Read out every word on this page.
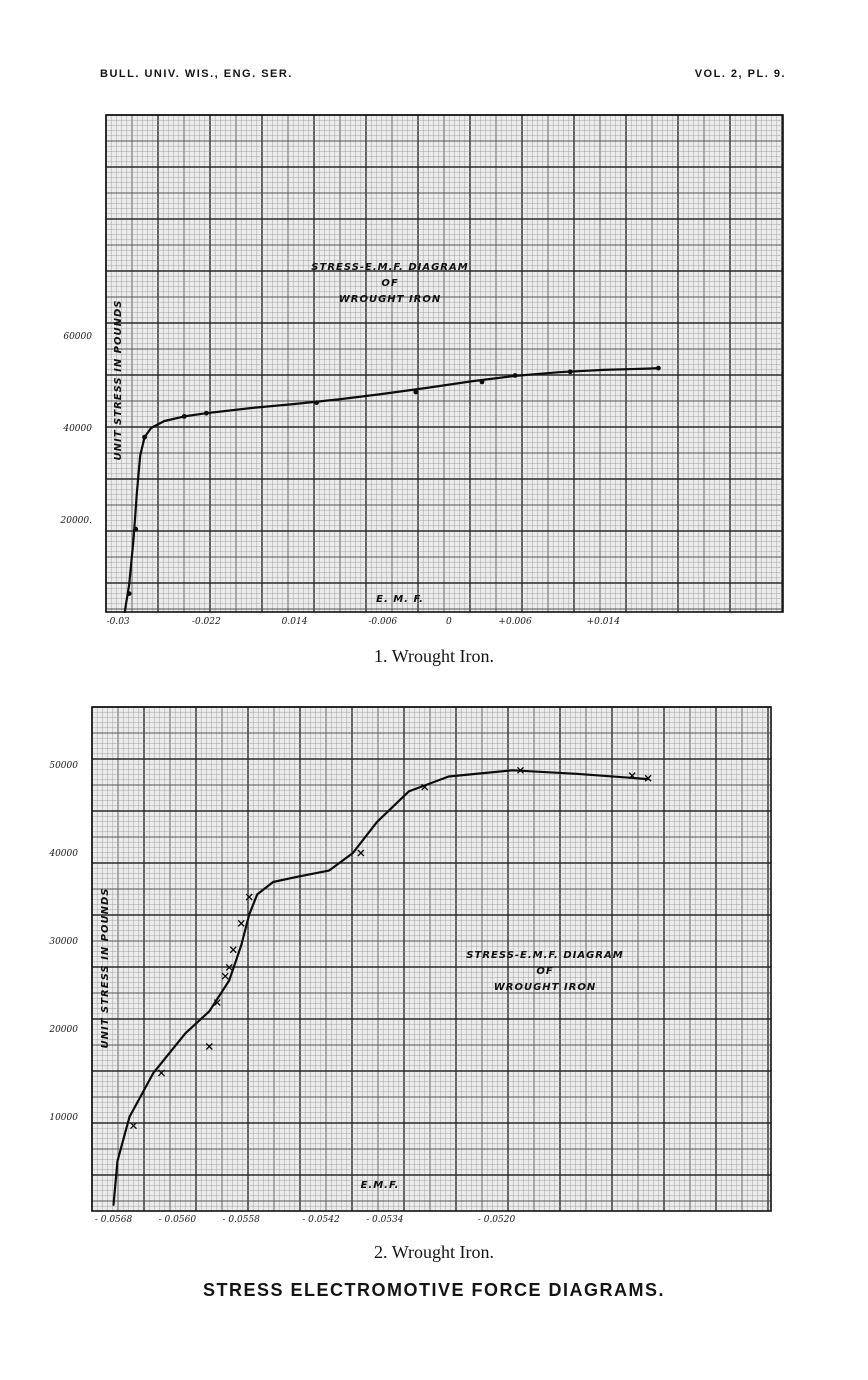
BULL. UNIV. WIS., ENG. SER.	VOL. 2, PL. 9.
60000
40000
20000.
-0.03	-0.022	0.014	-0.006	0	+0.006	+0.014
UNIT STRESS IN POUNDS
E. M. F.
STRESS-E.M.F. DIAGRAM
OF
WROUGHT IRON
1. Wrought Iron.
50000
40000
30000
20000
10000
- 0.0568	- 0.0560	- 0.0558	- 0.0542	- 0.0534	- 0.0520
UNIT STRESS IN POUNDS
E.M.F.
STRESS-E.M.F. DIAGRAM
OF
WROUGHT IRON
2. Wrought Iron.
STRESS ELECTROMOTIVE FORCE DIAGRAMS.
